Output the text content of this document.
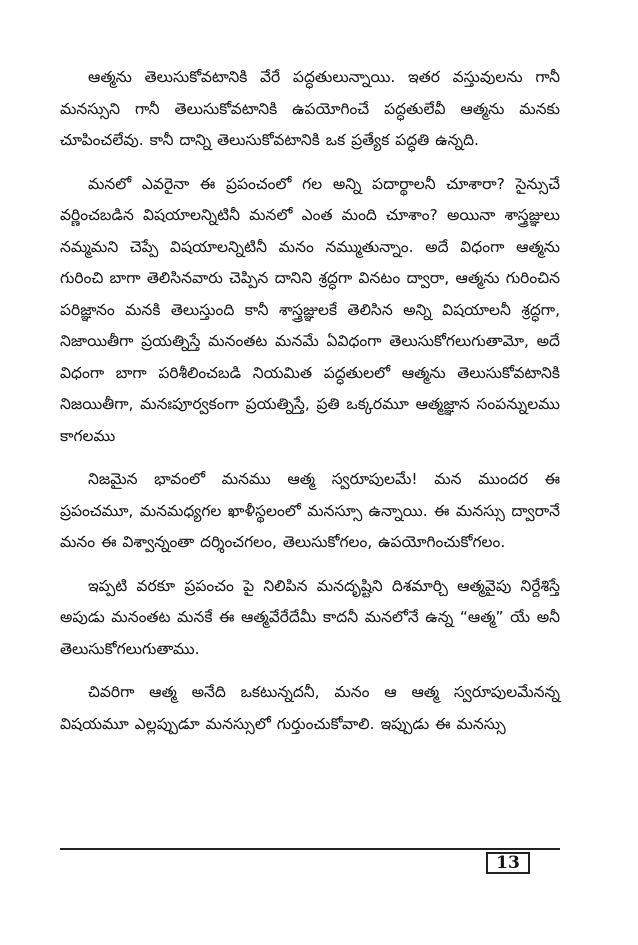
ఆత్మను తెలుసుకోవటానికి వేరే పద్ధతులున్నాయి. ఇతర వస్తువులను గానీ మనస్సుని గానీ తెలుసుకోవటానికి ఉపయోగించే పద్ధతులేవీ ఆత్మను మనకు చూపించలేవు. కానీ దాన్ని తెలుసుకోవటానికి ఒక ప్రత్యేక పద్ధతి ఉన్నది.

మనలో ఎవరైనా ఈ ప్రపంచంలో గల అన్ని పదార్థాలనీ చూశారా? సైన్సుచే వర్ణించబడిన విషయాలన్నిటినీ మనలో ఎంత మంది చూశాం? అయినా శాస్త్రజ్ఞులు నమ్మమని చెప్పే విషయాలన్నిటినీ మనం నమ్ముతున్నాం. అదే విధంగా ఆత్మను గురించి బాగా తెలిసినవారు చెప్పిన దానిని శ్రద్ధగా వినటం ద్వారా, ఆత్మను గురించిన పరిజ్ఞానం మనకి తెలుస్తుంది కానీ శాస్త్రజ్ఞులకే తెలిసిన అన్ని విషయాలనీ శ్రద్ధగా, నిజాయితీగా ప్రయత్నిస్తే మనంతట మనమే ఏవిధంగా తెలుసుకోగలుగుతామో, అదే విధంగా బాగా పరిశీలించబడి నియమిత పద్ధతులలో ఆత్మను తెలుసుకోవటానికి నిజయితీగా, మనఃపూర్వకంగా ప్రయత్నిస్తే, ప్రతి ఒక్కరమూ ఆత్మజ్ఞాన సంపన్నులము కాగలము

నిజమైన భావంలో మనము ఆత్మ స్వరూపులమే! మన ముందర ఈ ప్రపంచమూ, మనమధ్యగల ఖాళీస్థలంలో మనస్సూ ఉన్నాయి. ఈ మనస్సు ద్వారానే మనం ఈ విశ్వాన్నంతా దర్శించగలం, తెలుసుకోగలం, ఉపయోగించుకోగలం.

ఇప్పటి వరకూ ప్రపంచం పై నిలిపిన మనదృష్టిని దిశమార్చి ఆత్మవైపు నిర్దేశిస్తే అపుడు మనంతట మనకే ఈ ఆత్మవేరేదేమీ కాదనీ మనలోనే ఉన్న “ఆత్మ” యే అనీ తెలుసుకోగలుగుతాము.

చివరిగా ఆత్మ అనేది ఒకటున్నదనీ, మనం ఆ ఆత్మ స్వరూపులమేనన్న విషయమూ ఎల్లప్పుడూ మనస్సులో గుర్తుంచుకోవాలి. ఇప్పుడు ఈ మనస్సు

13
